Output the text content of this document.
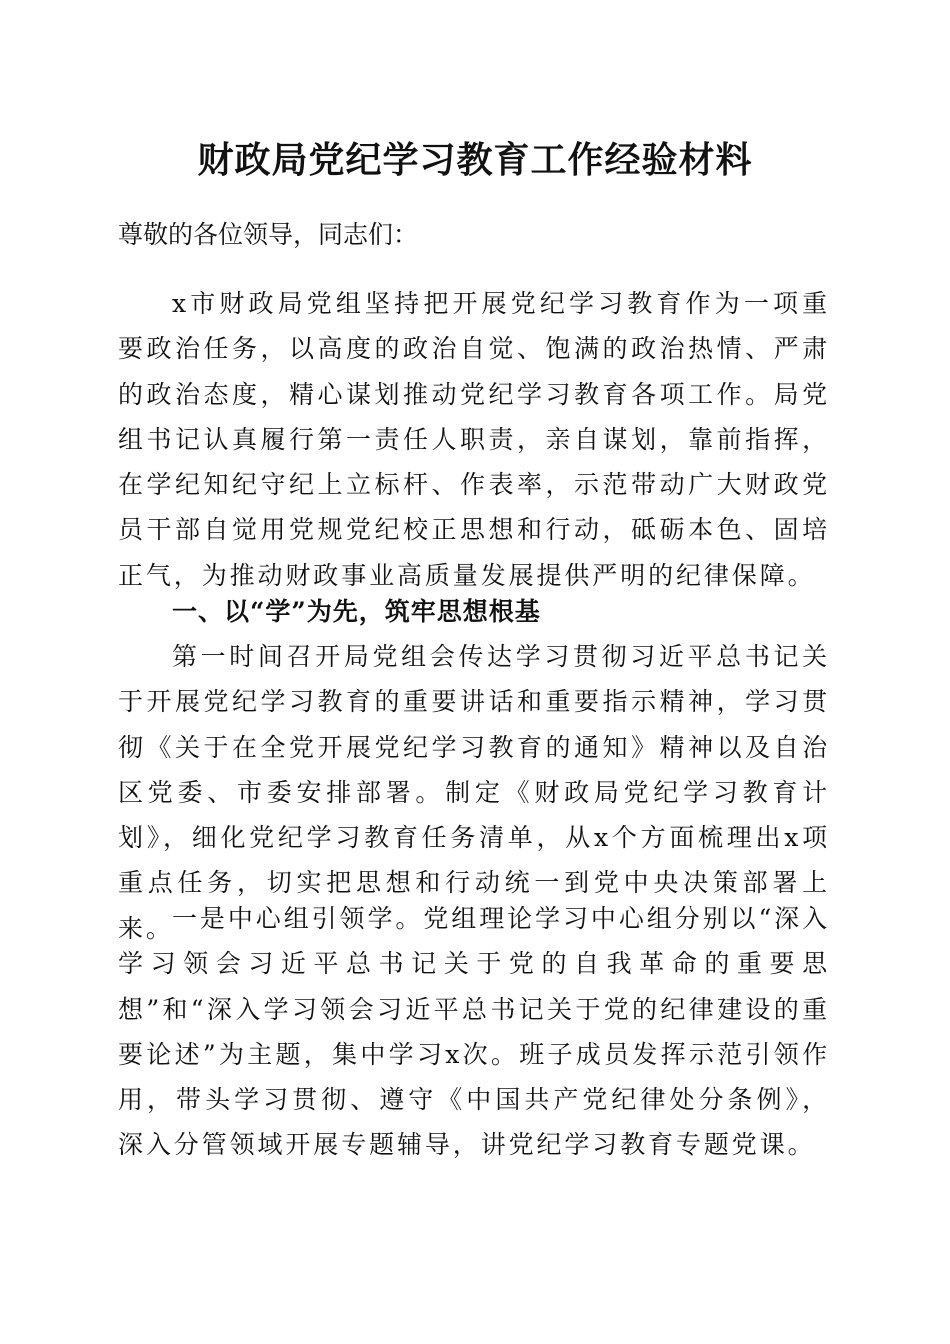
财政局党纪学习教育工作经验材料

尊敬的各位领导，同志们：

x市财政局党组坚持把开展党纪学习教育作为一项重要政治任务，以高度的政治自觉、饱满的政治热情、严肃的政治态度，精心谋划推动党纪学习教育各项工作。局党组书记认真履行第一责任人职责，亲自谋划，靠前指挥，在学纪知纪守纪上立标杆、作表率，示范带动广大财政党员干部自觉用党规党纪校正思想和行动，砥砺本色、固培正气，为推动财政事业高质量发展提供严明的纪律保障。

一、以“学”为先，筑牢思想根基

第一时间召开局党组会传达学习贯彻习近平总书记关于开展党纪学习教育的重要讲话和重要指示精神，学习贯彻《关于在全党开展党纪学习教育的通知》精神以及自治区党委、市委安排部署。制定《财政局党纪学习教育计划》，细化党纪学习教育任务清单，从x个方面梳理出x项重点任务，切实把思想和行动统一到党中央决策部署上来。

一是中心组引领学。党组理论学习中心组分别以“深入学习领会习近平总书记关于党的自我革命的重要思想”和“深入学习领会习近平总书记关于党的纪律建设的重要论述”为主题，集中学习x次。班子成员发挥示范引领作用，带头学习贯彻、遵守《中国共产党纪律处分条例》，深入分管领域开展专题辅导，讲党纪学习教育专题党课。
